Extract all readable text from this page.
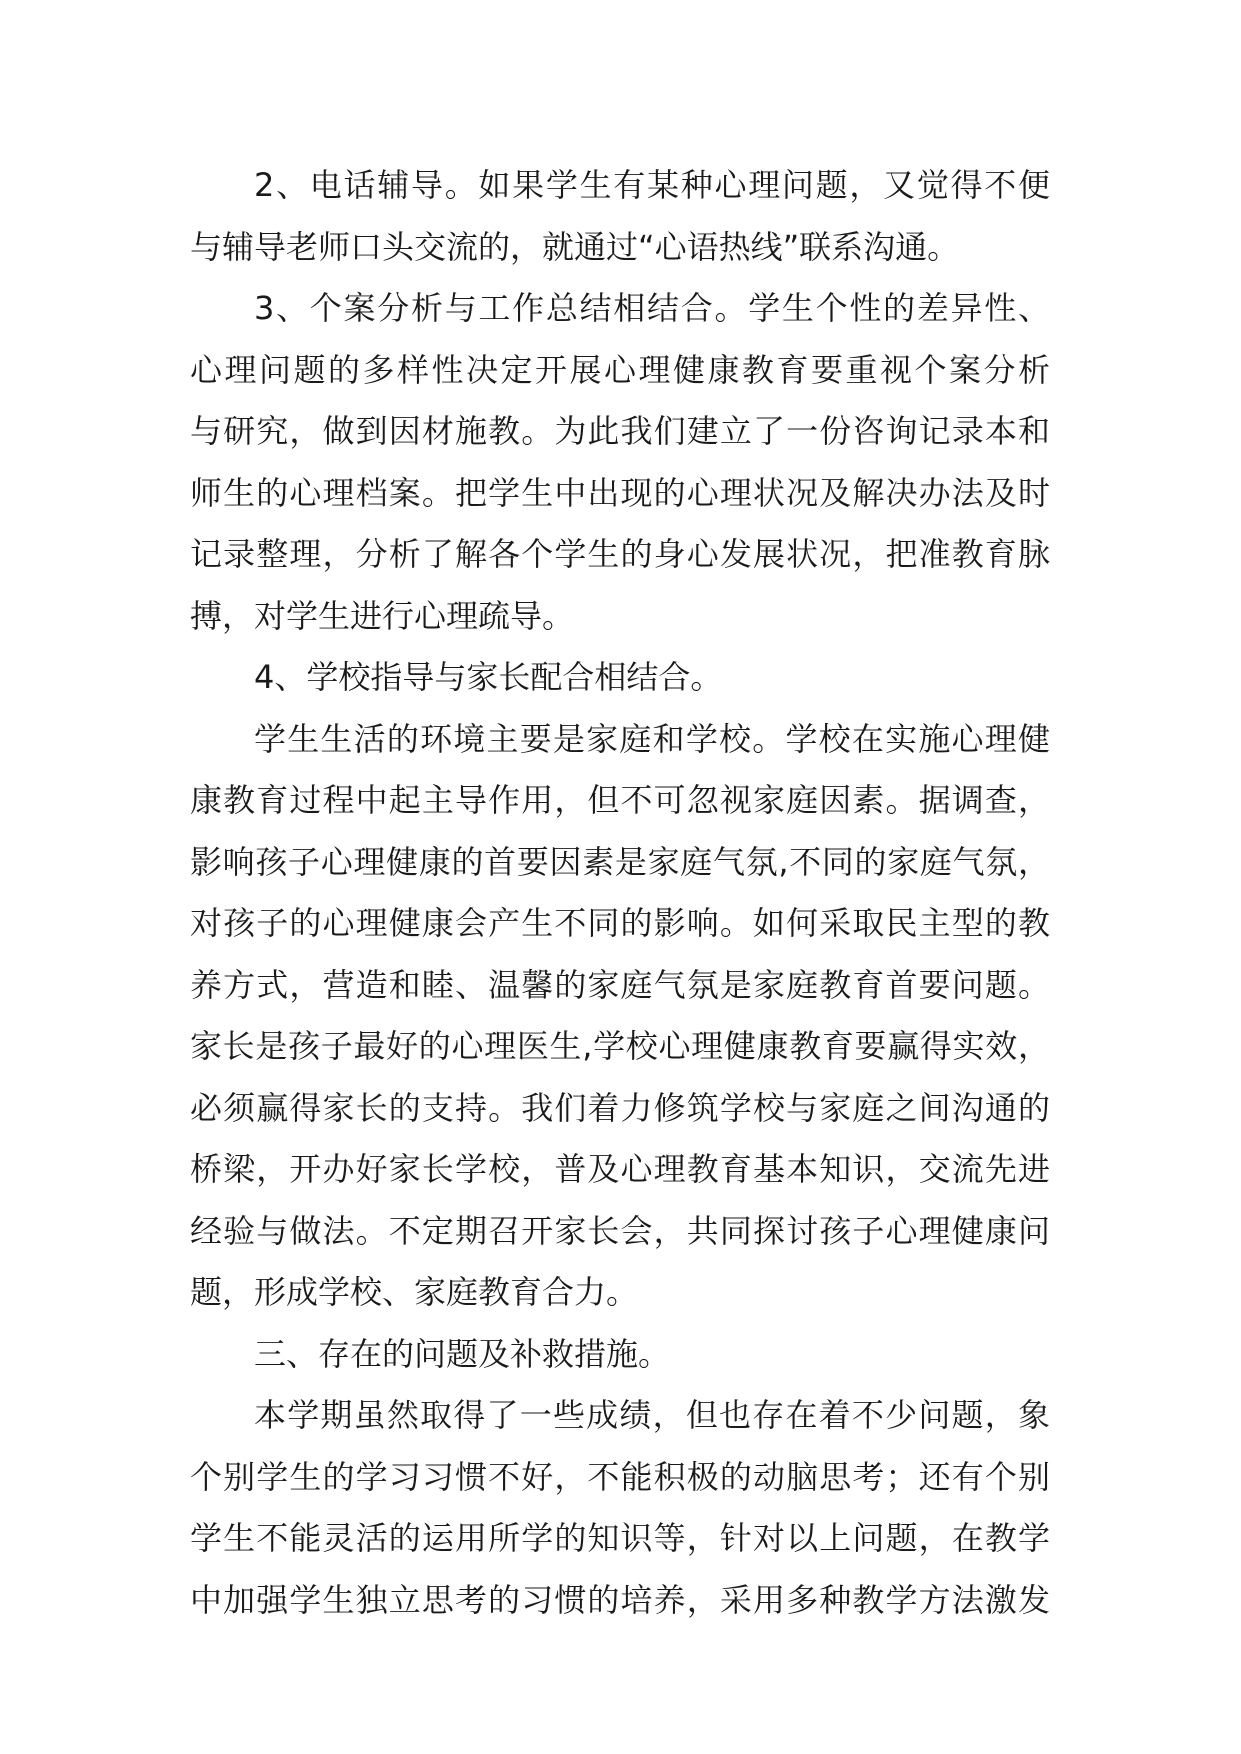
2、电话辅导。如果学生有某种心理问题，又觉得不便
与辅导老师口头交流的，就通过“心语热线”联系沟通。
3、个案分析与工作总结相结合。学生个性的差异性、
心理问题的多样性决定开展心理健康教育要重视个案分析
与研究，做到因材施教。为此我们建立了一份咨询记录本和
师生的心理档案。把学生中出现的心理状况及解决办法及时
记录整理，分析了解各个学生的身心发展状况，把准教育脉
搏，对学生进行心理疏导。
4、学校指导与家长配合相结合。
学生生活的环境主要是家庭和学校。学校在实施心理健
康教育过程中起主导作用，但不可忽视家庭因素。据调查，
影响孩子心理健康的首要因素是家庭气氛,不同的家庭气氛，
对孩子的心理健康会产生不同的影响。如何采取民主型的教
养方式，营造和睦、温馨的家庭气氛是家庭教育首要问题。
家长是孩子最好的心理医生,学校心理健康教育要赢得实效，
必须赢得家长的支持。我们着力修筑学校与家庭之间沟通的
桥梁，开办好家长学校，普及心理教育基本知识，交流先进
经验与做法。不定期召开家长会，共同探讨孩子心理健康问
题，形成学校、家庭教育合力。
三、存在的问题及补救措施。
本学期虽然取得了一些成绩，但也存在着不少问题，象
个别学生的学习习惯不好，不能积极的动脑思考；还有个别
学生不能灵活的运用所学的知识等，针对以上问题，在教学
中加强学生独立思考的习惯的培养，采用多种教学方法激发
